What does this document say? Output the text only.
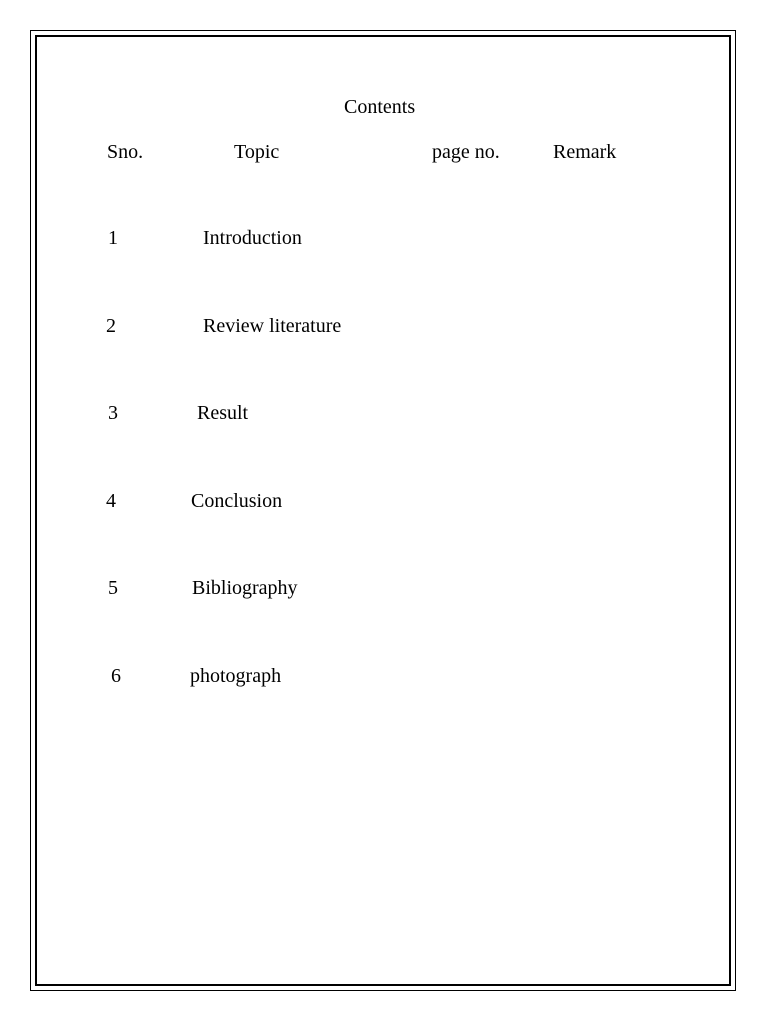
Contents
Sno.	Topic	page no.	Remark
1	Introduction
2	Review literature
3	Result
4	Conclusion
5	Bibliography
6	photograph
